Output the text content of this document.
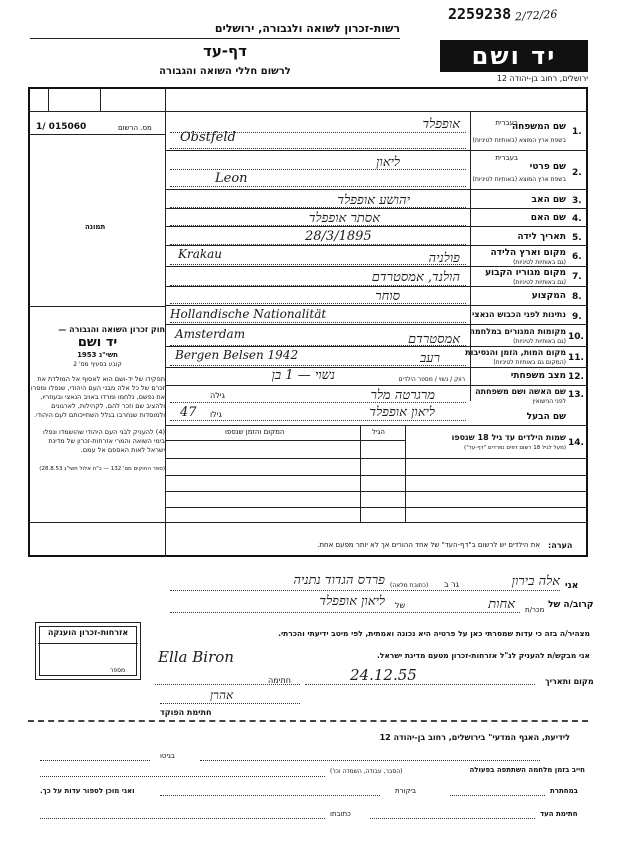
2/72/26
2259238
רשות-זכרון לשואה ולגבורה, ירושלים
דף-עד
לרשום חללי השואה והגבורה
יד ושם
ירושלים, רחוב בן-יהודה 12
1/ 015060	מס. הרשום
תמונה

חוק זכרון השואה והגבורה —

יד ושם

תשי"ג 1953

קובע בסעיף מס' 2

תפקידו של יד-ושם הוא לאסוף אל המולדת את זכרם של כל אלה מבני העם היהודי, שנפלו ומסרו את נפשם, נלחמו ומרדו באויב הנאצי ובעוזריו, ולהציב שם וזכר להם, לקהילות, לארגונים ולמוסדות שנחרבו בגלל השתייכותם לעם היהודי.

(4) להעניק לבני העם היהודי שהושמדו ונפלו בימי השואה והמרי אזרחות-זכרון של מדינת ישראל לאות האספם אל עמם.

(ספר החוקים מס' 132 — כ"ח אלול תשי"ג 28.8.53)

1.
שם המשפחה
בשפת ארץ המוצא (באותיות לטיניות)
בעברית
אופפלד
Obstfeld
2.
שם פרטי
בשפת ארץ המוצא (באותיות לטיניות)
בעברית
ליאון
Leon
3.
שם האב
יהושע אופפלד
4.
שם האם
אסתר אופפלד
5.
תאריך לידה
28/3/1895
6.
מקום וארץ הלידה
(גם באותיות לטיניות)
Krakau	פולניה
7.
מקום מגוריו הקבוע
(גם באותיות לטיניות)
הולנד, אמסטרדם
8.
המקצוע
סוחר
9.
נתינות לפני הכבוש הנאצי
Hollandische Nationalität
10.
מקומות המגורים במלחמה
(גם באותיות לטיניות)
Amsterdam	אמסטרדם
11.
מקום המות, הזמן והנסיבות
(המקום גם באותיות לטיניות)
Bergen Belsen 1942	רעב
12.
מצב משפחתי
רווק / נשוי / מספר הילדים
נשוי — 1 בן
13.
שם האשה ושם משפחתה
לפני הנישואין
גילה	מרגרטה מלר
שם הבעל
גילו
47	ליאון אופפלד
14.
שמות הילדים עד גיל 18 שנספו
(מעל לגיל 18 רשום דפים נפרדים "דף-עד")
הגיל
המקום והזמן שנספו
הערה:
את הילדים יש לרשום ב"דף-העד" של אחד ההורים אך לא יותר מפעם אחת.
אני
אלה בירון
גר ב
(כתובת מלאה)
פרדס הגדוד נתניה
קרוב/ה של
מכר/ת
אחות
של
ליאון אופפלד
מצהיר/ה בזה כי עדות שמסרתי כאן על פרטיה היא נכונה ואמתית, לפי מיטב ידיעתי והכרתי.
אני מבקש/ת להעניק לנ"ל אזרחות-זכרון מטעם מדינת ישראל.
Ella Biron
חתימה	מקום ותאריך
24.12.55
אהרן
חתימת הפוקד
אזרחות-זכרון הוענקה
מספר
לידיעת, האגף המדעי" בירושלים, רחוב בן-יהודה 12
בגיטו
חייב בזמן מלחמה השתתפה בפעולה
(הסבר, עבודה, השמדה וכו')
במחתרת
ביקורת
ואני מוכן לספור עדות על כך.
חתימת העד
כתובתו
